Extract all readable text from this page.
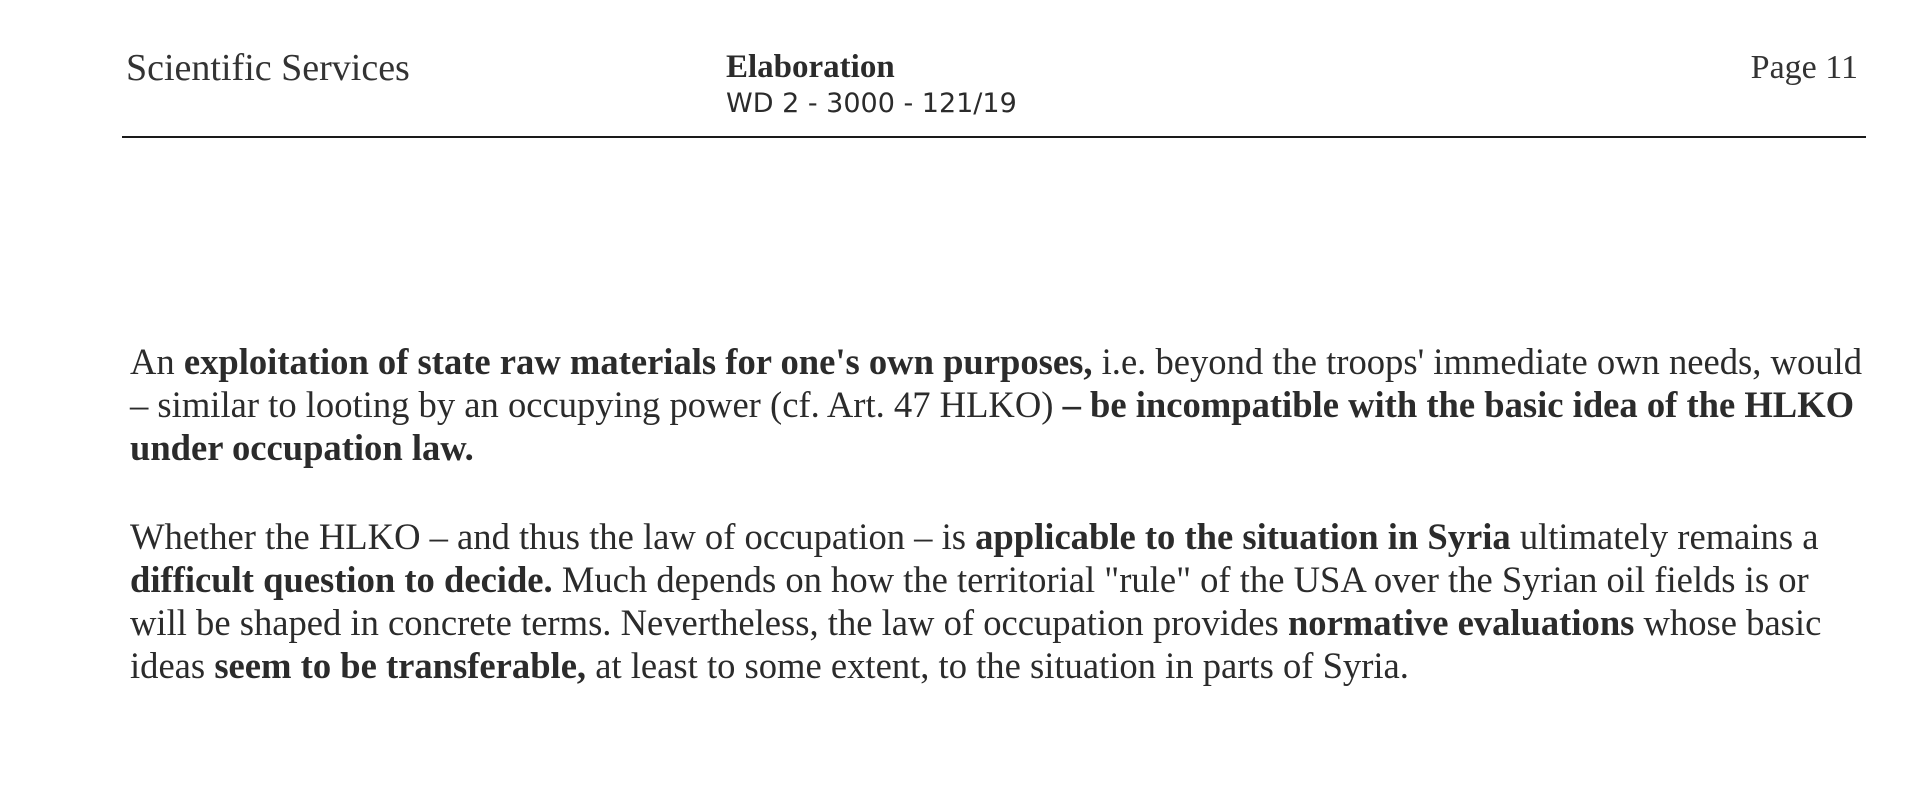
Scientific Services	Elaboration
WD 2 - 3000 - 121/19
Page 11

An exploitation of state raw materials for one's own purposes, i.e. beyond the troops' immediate own needs, would – similar to looting by an occupying power (cf. Art. 47 HLKO) – be incompatible with the basic idea of the HLKO under occupation law.

Whether the HLKO – and thus the law of occupation – is applicable to the situation in Syria ultimately remains a difficult question to decide. Much depends on how the territorial "rule" of the USA over the Syrian oil fields is or will be shaped in concrete terms. Nevertheless, the law of occupation provides normative evaluations whose basic ideas seem to be transferable, at least to some extent, to the situation in parts of Syria.
